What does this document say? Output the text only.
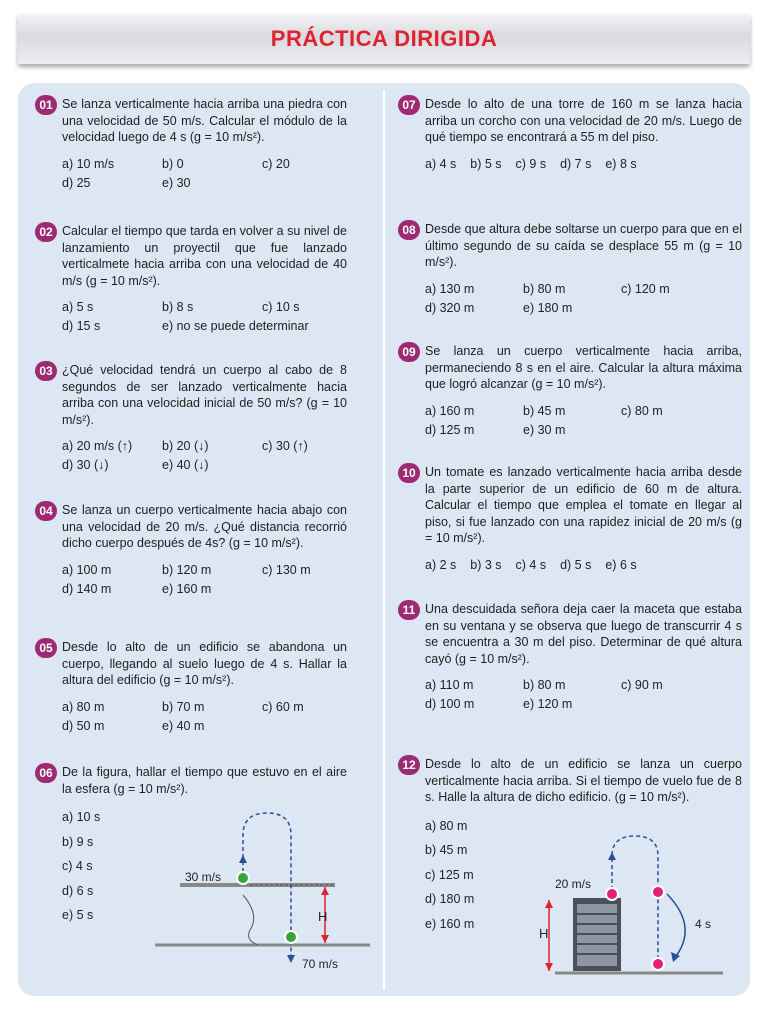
PRÁCTICA DIRIGIDA
01 Se lanza verticalmente hacia arriba una piedra con una velocidad de 50 m/s. Calcular el módulo de la velocidad luego de 4 s (g = 10 m/s²).
a) 10 m/s	b) 0	c) 20
d) 25	e) 30
02 Calcular el tiempo que tarda en volver a su nivel de lanzamiento un proyectil que fue lanzado verticalmete hacia arriba con una velocidad de 40 m/s (g = 10 m/s²).
a) 5 s	b) 8 s	c) 10 s
d) 15 s	e) no se puede determinar
03 ¿Qué velocidad tendrá un cuerpo al cabo de 8 segundos de ser lanzado verticalmente hacia arriba con una velocidad inicial de 50 m/s? (g = 10 m/s²).
a) 20 m/s (↑)	b) 20 (↓)	c) 30 (↑)
d) 30 (↓)	e) 40 (↓)
04 Se lanza un cuerpo verticalmente hacia abajo con una velocidad de 20 m/s. ¿Qué distancia recorrió dicho cuerpo después de 4s? (g = 10 m/s²).
a) 100 m	b) 120 m	c) 130 m
d) 140 m	e) 160 m
05 Desde lo alto de un edificio se abandona un cuerpo, llegando al suelo luego de 4 s. Hallar la altura del edificio (g = 10 m/s²).
a) 80 m	b) 70 m	c) 60 m
d) 50 m	e) 40 m
06 De la figura, hallar el tiempo que estuvo en el aire la esfera (g = 10 m/s²).
a) 10 s
b) 9 s
c) 4 s
d) 6 s
e) 5 s
30 m/s
70 m/s
H
07 Desde lo alto de una torre de 160 m se lanza hacia arriba un corcho con una velocidad de 20 m/s. Luego de qué tiempo se encontrará a 55 m del piso.
a) 4 s b) 5 s c) 9 s d) 7 s e) 8 s
08 Desde que altura debe soltarse un cuerpo para que en el último segundo de su caída se desplace 55 m (g = 10 m/s²).
a) 130 m	b) 80 m	c) 120 m
d) 320 m	e) 180 m
09 Se lanza un cuerpo verticalmente hacia arriba, permaneciendo 8 s en el aire. Calcular la altura máxima que logró alcanzar (g = 10 m/s²).
a) 160 m	b) 45 m	c) 80 m
d) 125 m	e) 30 m
10 Un tomate es lanzado verticalmente hacia arriba desde la parte superior de un edificio de 60 m de altura. Calcular el tiempo que emplea el tomate en llegar al piso, si fue lanzado con una rapidez inicial de 20 m/s (g = 10 m/s²).
a) 2 s b) 3 s c) 4 s d) 5 s e) 6 s
11 Una descuidada señora deja caer la maceta que estaba en su ventana y se observa que luego de transcurrir 4 s se encuentra a 30 m del piso. Determinar de qué altura cayó (g = 10 m/s²).
a) 110 m	b) 80 m	c) 90 m
d) 100 m	e) 120 m
12 Desde lo alto de un edificio se lanza un cuerpo verticalmente hacia arriba. Si el tiempo de vuelo fue de 8 s. Halle la altura de dicho edificio. (g = 10 m/s²).
a) 80 m
b) 45 m
c) 125 m
d) 180 m
e) 160 m
20 m/s
4 s
H
